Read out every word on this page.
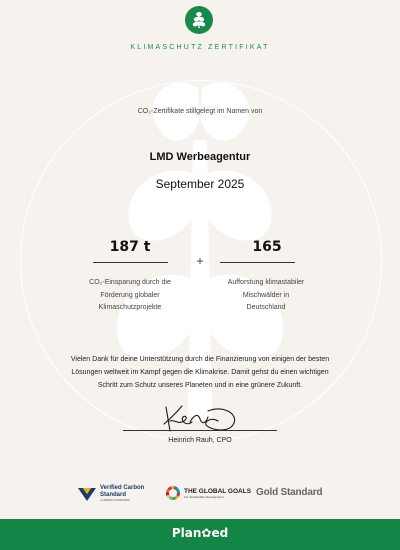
KLIMASCHUTZ ZERTIFIKAT
CO₂-Zertifikate stillgelegt im Namen von
LMD Werbeagentur
September 2025
187 t
+
165
CO₂-Einsparung durch die
Förderung globaler
Klimaschutzprojekte
Aufforstung klimastabiler
Mischwälder in
Deutschland
Vielen Dank für deine Unterstützung durch die Finanzierung von einigen der besten
Lösungen weltweit im Kampf gegen die Klimakrise. Damit gehst du einen wichtigen
Schritt zum Schutz unseres Planeten und in eine grünere Zukunft.
Heinrich Rauh, CPO
Verified Carbon
Standard
a VERRA STANDARD
THE GLOBAL GOALS
For Sustainable Development	Gold Standard
Plan✿ed
